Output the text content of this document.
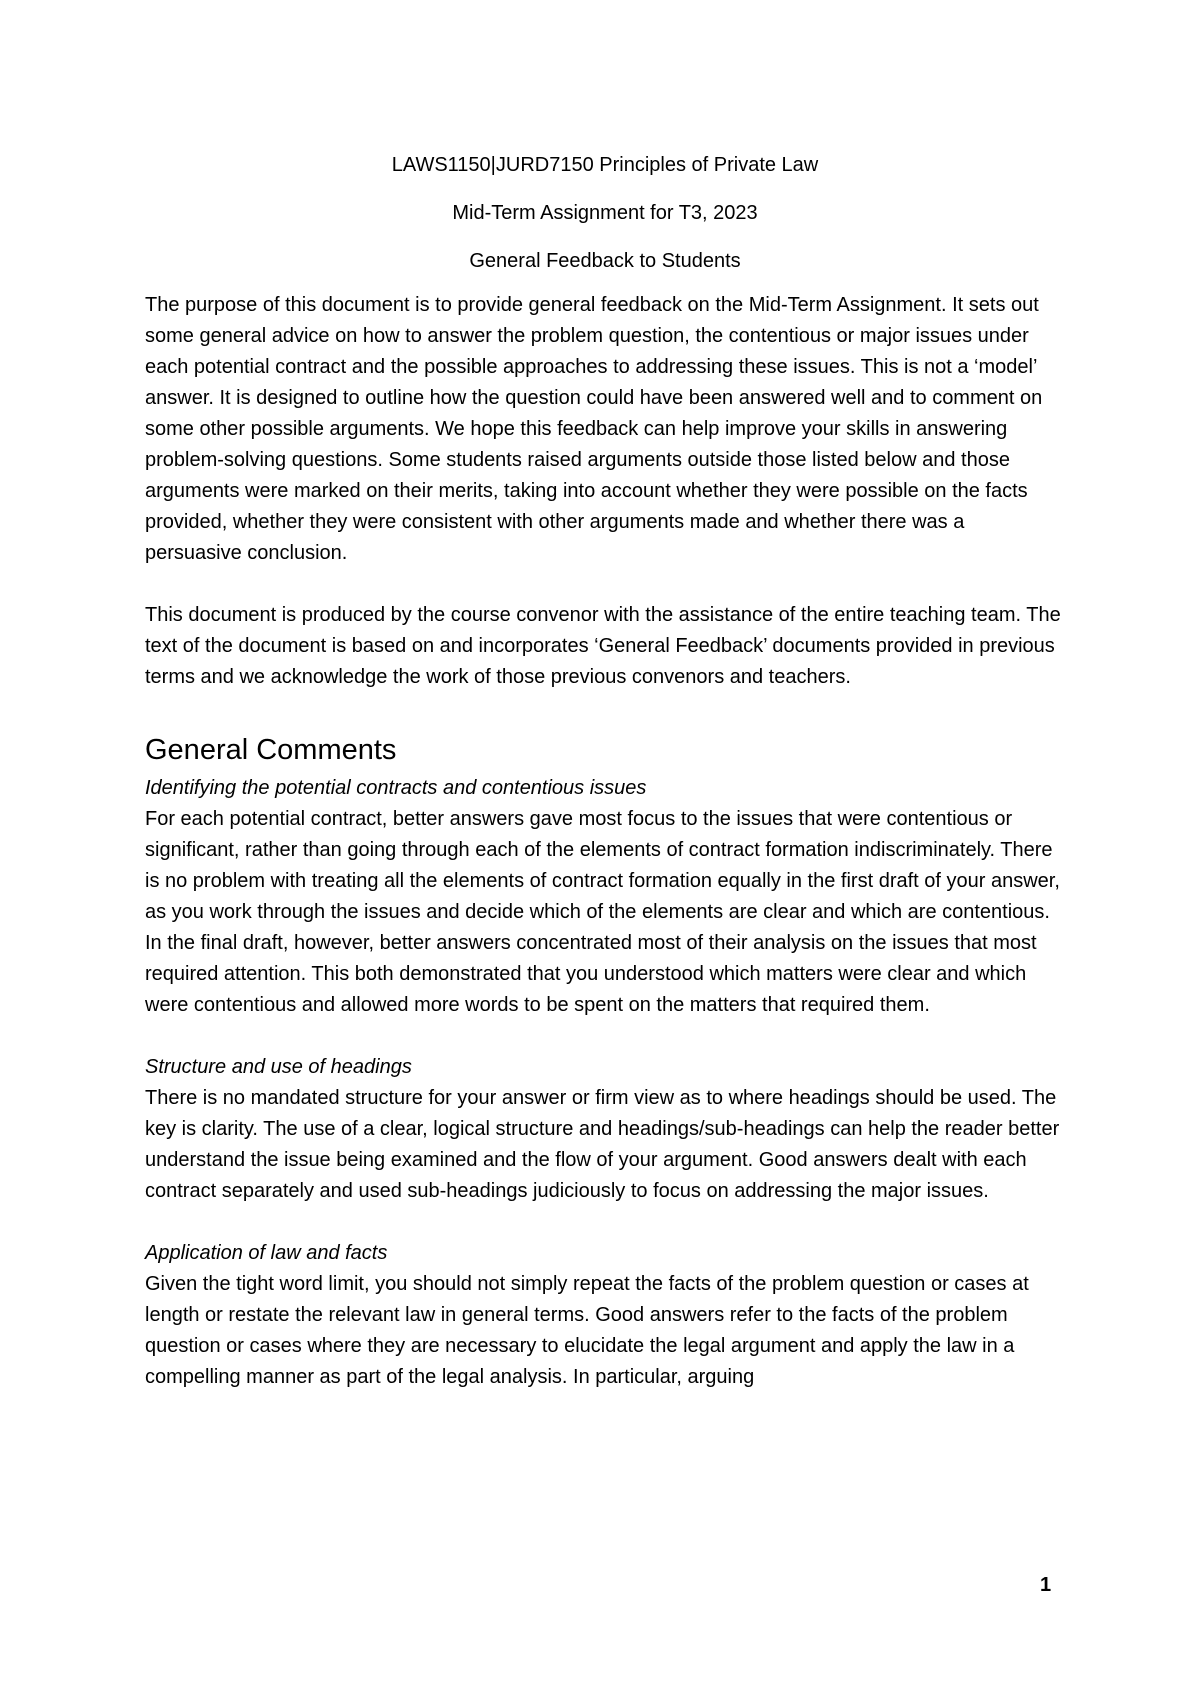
LAWS1150|JURD7150 Principles of Private Law

Mid-Term Assignment for T3, 2023

General Feedback to Students

The purpose of this document is to provide general feedback on the Mid-Term Assignment. It sets out some general advice on how to answer the problem question, the contentious or major issues under each potential contract and the possible approaches to addressing these issues. This is not a ‘model’ answer. It is designed to outline how the question could have been answered well and to comment on some other possible arguments. We hope this feedback can help improve your skills in answering problem-solving questions. Some students raised arguments outside those listed below and those arguments were marked on their merits, taking into account whether they were possible on the facts provided, whether they were consistent with other arguments made and whether there was a persuasive conclusion.

This document is produced by the course convenor with the assistance of the entire teaching team. The text of the document is based on and incorporates ‘General Feedback’ documents provided in previous terms and we acknowledge the work of those previous convenors and teachers.

General Comments

Identifying the potential contracts and contentious issues

For each potential contract, better answers gave most focus to the issues that were contentious or significant, rather than going through each of the elements of contract formation indiscriminately. There is no problem with treating all the elements of contract formation equally in the first draft of your answer, as you work through the issues and decide which of the elements are clear and which are contentious. In the final draft, however, better answers concentrated most of their analysis on the issues that most required attention. This both demonstrated that you understood which matters were clear and which were contentious and allowed more words to be spent on the matters that required them.

Structure and use of headings

There is no mandated structure for your answer or firm view as to where headings should be used. The key is clarity. The use of a clear, logical structure and headings/sub-headings can help the reader better understand the issue being examined and the flow of your argument. Good answers dealt with each contract separately and used sub-headings judiciously to focus on addressing the major issues.

Application of law and facts

Given the tight word limit, you should not simply repeat the facts of the problem question or cases at length or restate the relevant law in general terms. Good answers refer to the facts of the problem question or cases where they are necessary to elucidate the legal argument and apply the law in a compelling manner as part of the legal analysis. In particular, arguing

1
